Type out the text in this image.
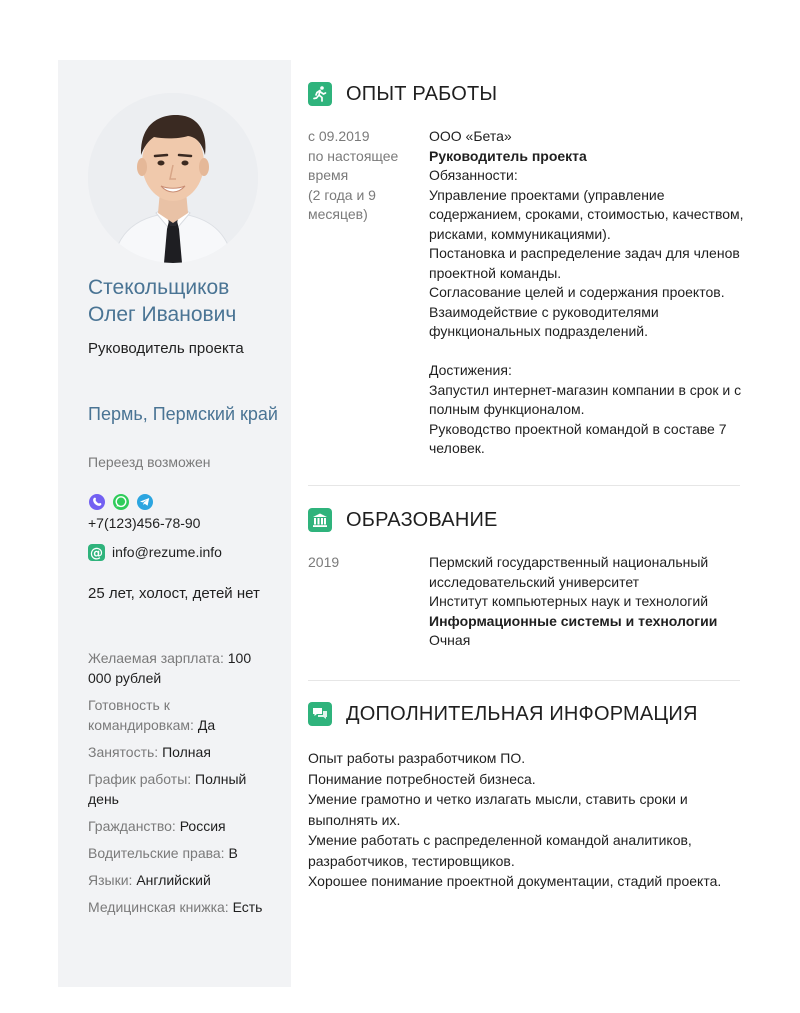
Стекольщиков
Олег Иванович
Руководитель проекта
Пермь, Пермский край
Переезд возможен
+7(123)456-78-90
@ info@rezume.info
25 лет, холост, детей нет
Желаемая зарплата: 100 000 рублей
Готовность к командировкам: Да
Занятость: Полная
График работы: Полный день
Гражданство: Россия
Водительские права: В
Языки: Английский
Медицинская книжка: Есть
ОПЫТ РАБОТЫ
с 09.2019
по настоящее время
(2 года и 9 месяцев)
ООО «Бета»
Руководитель проекта
Обязанности:
Управление проектами (управление содержанием, сроками, стоимостью, качеством, рисками, коммуникациями).
Постановка и распределение задач для членов проектной команды.
Согласование целей и содержания проектов.
Взаимодействие с руководителями функциональных подразделений.
Достижения:
Запустил интернет-магазин компании в срок и с полным функционалом.
Руководство проектной командой в составе 7 человек.
ОБРАЗОВАНИЕ
2019	Пермский государственный национальный исследовательский университет
Институт компьютерных наук и технологий
Информационные системы и технологии
Очная
ДОПОЛНИТЕЛЬНАЯ ИНФОРМАЦИЯ
Опыт работы разработчиком ПО.
Понимание потребностей бизнеса.
Умение грамотно и четко излагать мысли, ставить сроки и выполнять их.
Умение работать с распределенной командой аналитиков, разработчиков, тестировщиков.
Хорошее понимание проектной документации, стадий проекта.
